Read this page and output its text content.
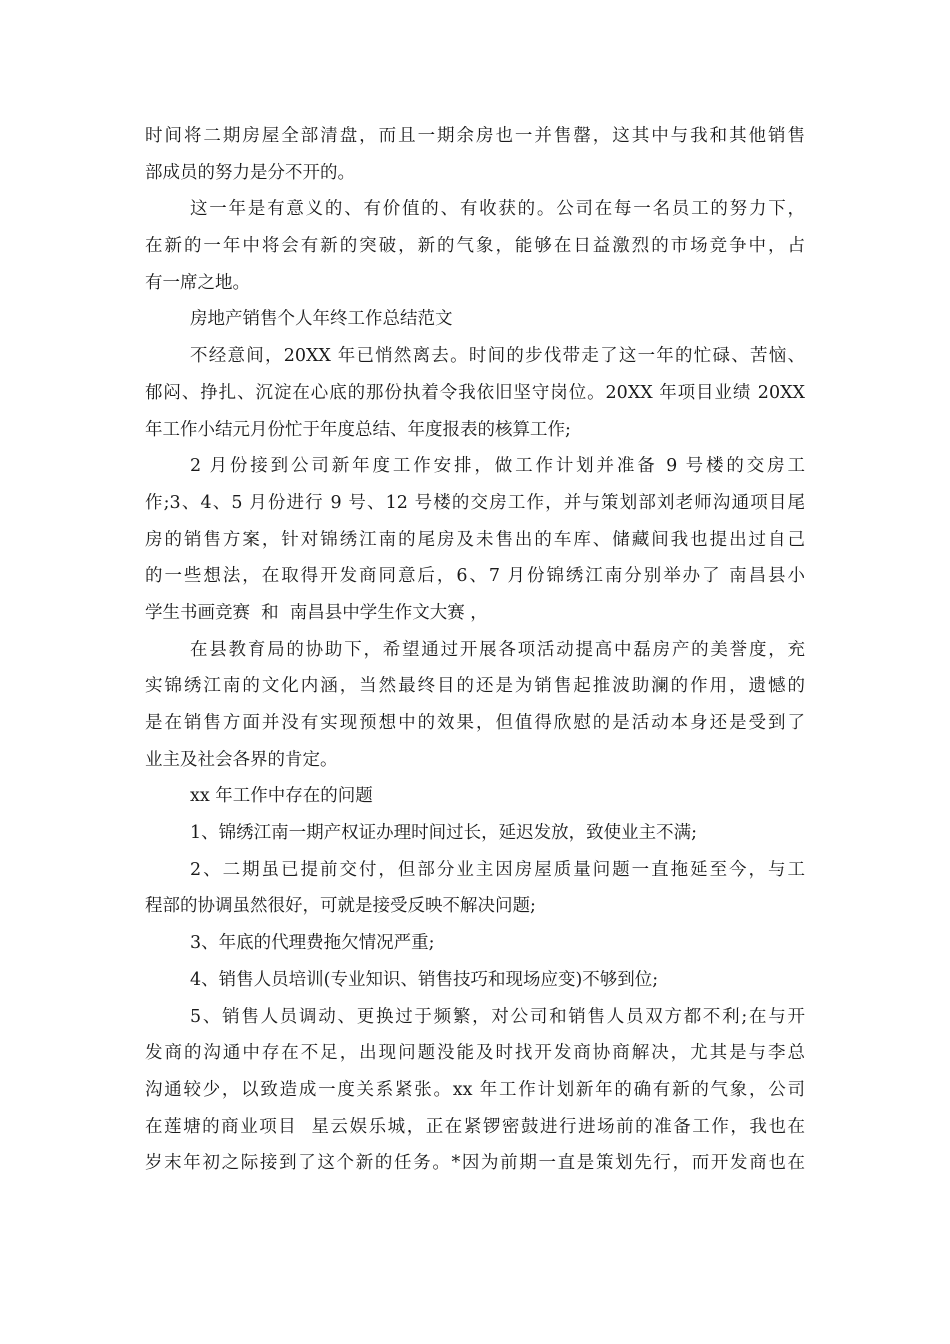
时间将二期房屋全部清盘，而且一期余房也一并售罄，这其中与我和其他销售
部成员的努力是分不开的。
这一年是有意义的、有价值的、有收获的。公司在每一名员工的努力下，
在新的一年中将会有新的突破，新的气象，能够在日益激烈的市场竞争中，占
有一席之地。
房地产销售个人年终工作总结范文
不经意间，20XX 年已悄然离去。时间的步伐带走了这一年的忙碌、苦恼、
郁闷、挣扎、沉淀在心底的那份执着令我依旧坚守岗位。20XX 年项目业绩 20XX
年工作小结元月份忙于年度总结、年度报表的核算工作;
2 月份接到公司新年度工作安排，做工作计划并准备 9 号楼的交房工
作;3、4、5 月份进行 9 号、12 号楼的交房工作，并与策划部刘老师沟通项目尾
房的销售方案，针对锦绣江南的尾房及未售出的车库、储藏间我也提出过自己
的一些想法，在取得开发商同意后，6、7 月份锦绣江南分别举办了 南昌县小
学生书画竞赛  和  南昌县中学生作文大赛 ，
在县教育局的协助下，希望通过开展各项活动提高中磊房产的美誉度，充
实锦绣江南的文化内涵，当然最终目的还是为销售起推波助澜的作用，遗憾的
是在销售方面并没有实现预想中的效果，但值得欣慰的是活动本身还是受到了
业主及社会各界的肯定。
xx 年工作中存在的问题
1、锦绣江南一期产权证办理时间过长，延迟发放，致使业主不满;
2、二期虽已提前交付，但部分业主因房屋质量问题一直拖延至今，与工
程部的协调虽然很好，可就是接受反映不解决问题;
3、年底的代理费拖欠情况严重;
4、销售人员培训(专业知识、销售技巧和现场应变)不够到位;
5、销售人员调动、更换过于频繁，对公司和销售人员双方都不利;在与开
发商的沟通中存在不足，出现问题没能及时找开发商协商解决，尤其是与李总
沟通较少，以致造成一度关系紧张。xx 年工作计划新年的确有新的气象，公司
在莲塘的商业项目  星云娱乐城，正在紧锣密鼓进行进场前的准备工作，我也在
岁末年初之际接到了这个新的任务。*因为前期一直是策划先行，而开发商也在
